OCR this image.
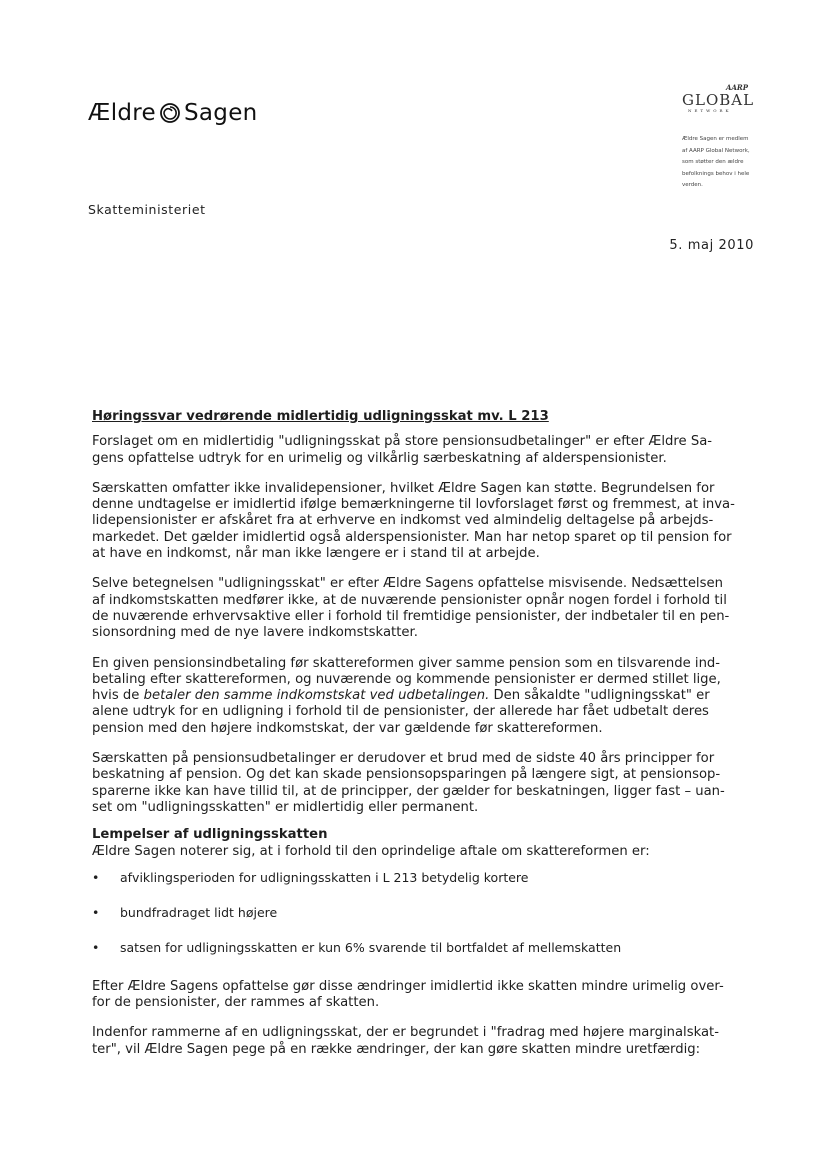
Ældre Sagen
AARP
GLOBAL
NETWORK
Ældre Sagen er medlem
af AARP Global Network,
som støtter den ældre
befolknings behov i hele
verden.
Skatteministeriet
5. maj 2010
Høringssvar vedrørende midlertidig udligningsskat mv. L 213

Forslaget om en midlertidig "udligningsskat på store pensionsudbetalinger" er efter Ældre Sa-
gens opfattelse udtryk for en urimelig og vilkårlig særbeskatning af alderspensionister.

Særskatten omfatter ikke invalidepensioner, hvilket Ældre Sagen kan støtte. Begrundelsen for
denne undtagelse er imidlertid ifølge bemærkningerne til lovforslaget først og fremmest, at inva-
lidepensionister er afskåret fra at erhverve en indkomst ved almindelig deltagelse på arbejds-
markedet. Det gælder imidlertid også alderspensionister. Man har netop sparet op til pension for
at have en indkomst, når man ikke længere er i stand til at arbejde.

Selve betegnelsen "udligningsskat" er efter Ældre Sagens opfattelse misvisende. Nedsættelsen
af indkomstskatten medfører ikke, at de nuværende pensionister opnår nogen fordel i forhold til
de nuværende erhvervsaktive eller i forhold til fremtidige pensionister, der indbetaler til en pen-
sionsordning med de nye lavere indkomstskatter.

En given pensionsindbetaling før skattereformen giver samme pension som en tilsvarende ind-
betaling efter skattereformen, og nuværende og kommende pensionister er dermed stillet lige,
hvis de betaler den samme indkomstskat ved udbetalingen. Den såkaldte "udligningsskat" er
alene udtryk for en udligning i forhold til de pensionister, der allerede har fået udbetalt deres
pension med den højere indkomstskat, der var gældende før skattereformen.

Særskatten på pensionsudbetalinger er derudover et brud med de sidste 40 års principper for
beskatning af pension. Og det kan skade pensionsopsparingen på længere sigt, at pensionsop-
sparerne ikke kan have tillid til, at de principper, der gælder for beskatningen, ligger fast – uan-
set om "udligningsskatten" er midlertidig eller permanent.

Lempelser af udligningsskatten
Ældre Sagen noterer sig, at i forhold til den oprindelige aftale om skattereformen er:
• afviklingsperioden for udligningsskatten i L 213 betydelig kortere
• bundfradraget lidt højere
• satsen for udligningsskatten er kun 6% svarende til bortfaldet af mellemskatten

Efter Ældre Sagens opfattelse gør disse ændringer imidlertid ikke skatten mindre urimelig over-
for de pensionister, der rammes af skatten.

Indenfor rammerne af en udligningsskat, der er begrundet i "fradrag med højere marginalskat-
ter", vil Ældre Sagen pege på en række ændringer, der kan gøre skatten mindre uretfærdig:
